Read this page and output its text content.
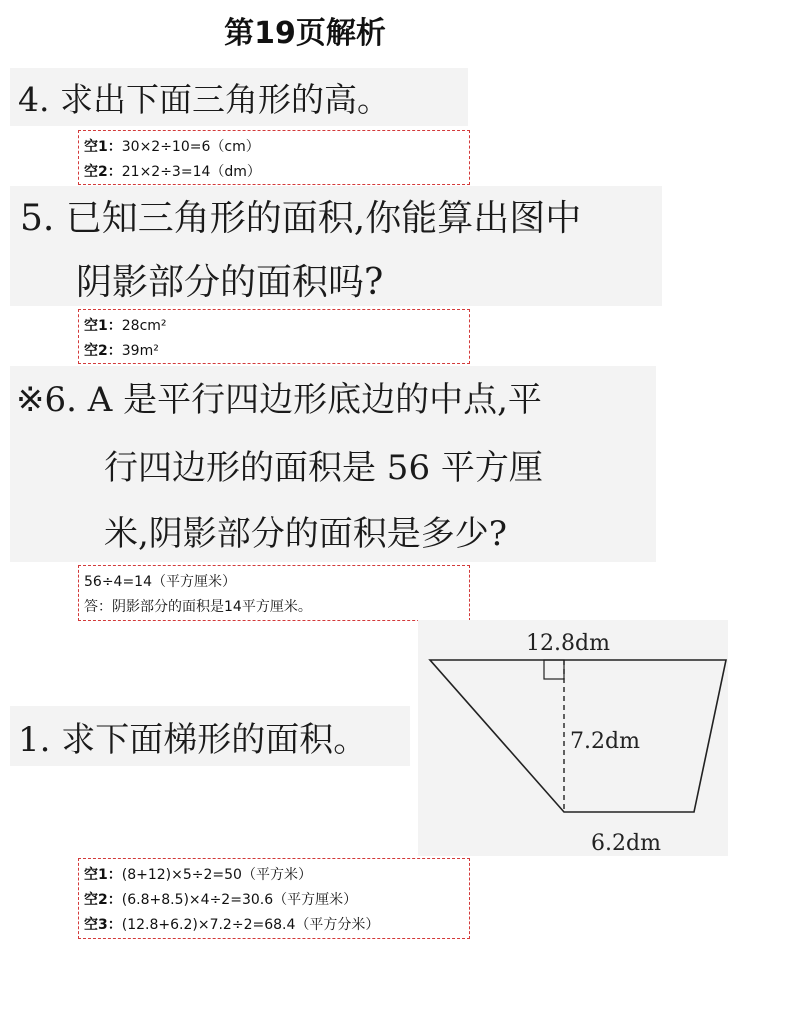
第19页解析
4. 求出下面三角形的高。
空1：30×2÷10=6（cm）
空2：21×2÷3=14（dm）
5. 已知三角形的面积,你能算出图中
阴影部分的面积吗?
空1：28cm²
空2：39m²
※6. A 是平行四边形底边的中点,平
行四边形的面积是 56 平方厘
米,阴影部分的面积是多少?
56÷4=14（平方厘米）
答：阴影部分的面积是14平方厘米。
1. 求下面梯形的面积。
12.8dm
7.2dm
6.2dm
空1：(8+12)×5÷2=50（平方米）
空2：(6.8+8.5)×4÷2=30.6（平方厘米）
空3：(12.8+6.2)×7.2÷2=68.4（平方分米）
